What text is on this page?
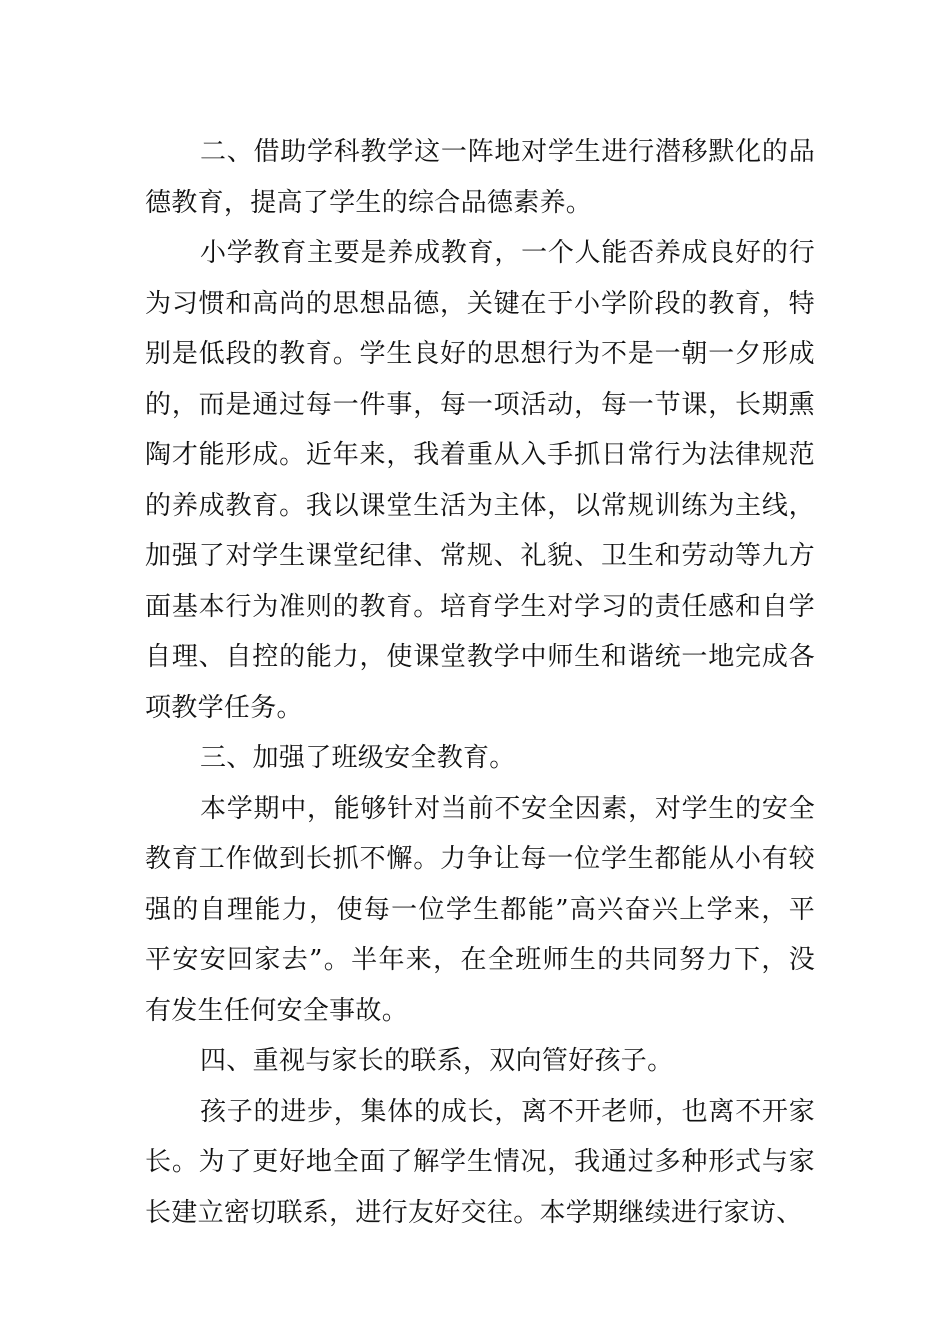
二、借助学科教学这一阵地对学生进行潜移默化的品德教育，提高了学生的综合品德素养。

小学教育主要是养成教育，一个人能否养成良好的行为习惯和高尚的思想品德，关键在于小学阶段的教育，特别是低段的教育。学生良好的思想行为不是一朝一夕形成的，而是通过每一件事，每一项活动，每一节课，长期熏陶才能形成。近年来，我着重从入手抓日常行为法律规范的养成教育。我以课堂生活为主体，以常规训练为主线，加强了对学生课堂纪律、常规、礼貌、卫生和劳动等九方面基本行为准则的教育。培育学生对学习的责任感和自学自理、自控的能力，使课堂教学中师生和谐统一地完成各项教学任务。

三、加强了班级安全教育。

本学期中，能够针对当前不安全因素，对学生的安全教育工作做到长抓不懈。力争让每一位学生都能从小有较强的自理能力，使每一位学生都能”高兴奋兴上学来，平平安安回家去”。半年来，在全班师生的共同努力下，没有发生任何安全事故。

四、重视与家长的联系，双向管好孩子。

孩子的进步，集体的成长，离不开老师，也离不开家长。为了更好地全面了解学生情况，我通过多种形式与家长建立密切联系，进行友好交往。本学期继续进行家访、
